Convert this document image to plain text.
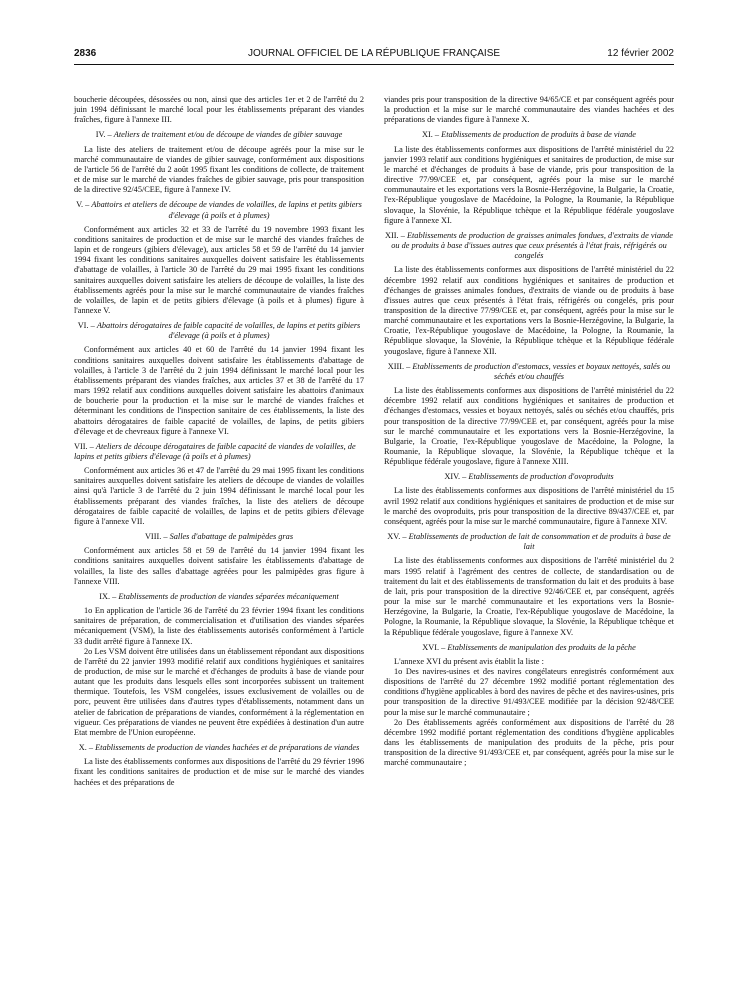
2836	JOURNAL OFFICIEL DE LA RÉPUBLIQUE FRANÇAISE	12 février 2002

boucherie découpées, désossées ou non, ainsi que des articles 1er et 2 de l'arrêté du 2 juin 1994 définissant le marché local pour les établissements préparant des viandes fraîches, figure à l'annexe III.

IV. – Ateliers de traitement et/ou de découpe de viandes de gibier sauvage

La liste des ateliers de traitement et/ou de découpe agréés pour la mise sur le marché communautaire de viandes de gibier sauvage, conformément aux dispositions de l'article 56 de l'arrêté du 2 août 1995 fixant les conditions de collecte, de traitement et de mise sur le marché de viandes fraîches de gibier sauvage, pris pour transposition de la directive 92/45/CEE, figure à l'annexe IV.

V. – Abattoirs et ateliers de découpe de viandes de volailles, de lapins et petits gibiers d'élevage (à poils et à plumes)

Conformément aux articles 32 et 33 de l'arrêté du 19 novembre 1993 fixant les conditions sanitaires de production et de mise sur le marché des viandes fraîches de lapin et de rongeurs (gibiers d'élevage), aux articles 58 et 59 de l'arrêté du 14 janvier 1994 fixant les conditions sanitaires auxquelles doivent satisfaire les établissements d'abattage de volailles, à l'article 30 de l'arrêté du 29 mai 1995 fixant les conditions sanitaires auxquelles doivent satisfaire les ateliers de découpe de volailles, la liste des établissements agréés pour la mise sur le marché communautaire de viandes fraîches de volailles, de lapin et de petits gibiers d'élevage (à poils et à plumes) figure à l'annexe V.

VI. – Abattoirs dérogataires de faible capacité de volailles, de lapins et petits gibiers d'élevage (à poils et à plumes)

Conformément aux articles 40 et 60 de l'arrêté du 14 janvier 1994 fixant les conditions sanitaires auxquelles doivent satisfaire les établissements d'abattage de volailles, à l'article 3 de l'arrêté du 2 juin 1994 définissant le marché local pour les établissements préparant des viandes fraîches, aux articles 37 et 38 de l'arrêté du 17 mars 1992 relatif aux conditions auxquelles doivent satisfaire les abattoirs d'animaux de boucherie pour la production et la mise sur le marché de viandes fraîches et déterminant les conditions de l'inspection sanitaire de ces établissements, la liste des abattoirs dérogataires de faible capacité de volailles, de lapins, de petits gibiers d'élevage et de chevreaux figure à l'annexe VI.

VII. – Ateliers de découpe dérogataires de faible capacité de viandes de volailles, de lapins et petits gibiers d'élevage (à poils et à plumes)

Conformément aux articles 36 et 47 de l'arrêté du 29 mai 1995 fixant les conditions sanitaires auxquelles doivent satisfaire les ateliers de découpe de viandes de volailles ainsi qu'à l'article 3 de l'arrêté du 2 juin 1994 définissant le marché local pour les établissements préparant des viandes fraîches, la liste des ateliers de découpe dérogataires de faible capacité de volailles, de lapins et de petits gibiers d'élevage figure à l'annexe VII.

VIII. – Salles d'abattage de palmipèdes gras

Conformément aux articles 58 et 59 de l'arrêté du 14 janvier 1994 fixant les conditions sanitaires auxquelles doivent satisfaire les établissements d'abattage de volailles, la liste des salles d'abattage agréées pour les palmipèdes gras figure à l'annexe VIII.

IX. – Etablissements de production de viandes séparées mécaniquement

1o En application de l'article 36 de l'arrêté du 23 février 1994 fixant les conditions sanitaires de préparation, de commercialisation et d'utilisation des viandes séparées mécaniquement (VSM), la liste des établissements autorisés conformément à l'article 33 dudit arrêté figure à l'annexe IX.

2o Les VSM doivent être utilisées dans un établissement répondant aux dispositions de l'arrêté du 22 janvier 1993 modifié relatif aux conditions hygiéniques et sanitaires de production, de mise sur le marché et d'échanges de produits à base de viande pour autant que les produits dans lesquels elles sont incorporées subissent un traitement thermique. Toutefois, les VSM congelées, issues exclusivement de volailles ou de porc, peuvent être utilisées dans d'autres types d'établissements, notamment dans un atelier de fabrication de préparations de viandes, conformément à la réglementation en vigueur. Ces préparations de viandes ne peuvent être expédiées à destination d'un autre Etat membre de l'Union européenne.

X. – Etablissements de production de viandes hachées et de préparations de viandes

La liste des établissements conformes aux dispositions de l'arrêté du 29 février 1996 fixant les conditions sanitaires de production et de mise sur le marché des viandes hachées et des préparations de

viandes pris pour transposition de la directive 94/65/CE et par conséquent agréés pour la production et la mise sur le marché communautaire des viandes hachées et des préparations de viandes figure à l'annexe X.

XI. – Etablissements de production de produits à base de viande

La liste des établissements conformes aux dispositions de l'arrêté ministériel du 22 janvier 1993 relatif aux conditions hygiéniques et sanitaires de production, de mise sur le marché et d'échanges de produits à base de viande, pris pour transposition de la directive 77/99/CEE et, par conséquent, agréés pour la mise sur le marché communautaire et les exportations vers la Bosnie-Herzégovine, la Bulgarie, la Croatie, l'ex-République yougoslave de Macédoine, la Pologne, la Roumanie, la République slovaque, la Slovénie, la République tchèque et la République fédérale yougoslave figure à l'annexe XI.

XII. – Etablissements de production de graisses animales fondues, d'extraits de viande ou de produits à base d'issues autres que ceux présentés à l'état frais, réfrigérés ou congelés

La liste des établissements conformes aux dispositions de l'arrêté ministériel du 22 décembre 1992 relatif aux conditions hygiéniques et sanitaires de production et d'échanges de graisses animales fondues, d'extraits de viande ou de produits à base d'issues autres que ceux présentés à l'état frais, réfrigérés ou congelés, pris pour transposition de la directive 77/99/CEE et, par conséquent, agréés pour la mise sur le marché communautaire et les exportations vers la Bosnie-Herzégovine, la Bulgarie, la Croatie, l'ex-République yougoslave de Macédoine, la Pologne, la Roumanie, la République slovaque, la Slovénie, la République tchèque et la République fédérale yougoslave, figure à l'annexe XII.

XIII. – Etablissements de production d'estomacs, vessies et boyaux nettoyés, salés ou séchés et/ou chauffés

La liste des établissements conformes aux dispositions de l'arrêté ministériel du 22 décembre 1992 relatif aux conditions hygiéniques et sanitaires de production et d'échanges d'estomacs, vessies et boyaux nettoyés, salés ou séchés et/ou chauffés, pris pour transposition de la directive 77/99/CEE et, par conséquent, agréés pour la mise sur le marché communautaire et les exportations vers la Bosnie-Herzégovine, la Bulgarie, la Croatie, l'ex-République yougoslave de Macédoine, la Pologne, la Roumanie, la République slovaque, la Slovénie, la République tchèque et la République fédérale yougoslave, figure à l'annexe XIII.

XIV. – Etablissements de production d'ovoproduits

La liste des établissements conformes aux dispositions de l'arrêté ministériel du 15 avril 1992 relatif aux conditions hygiéniques et sanitaires de production et de mise sur le marché des ovoproduits, pris pour transposition de la directive 89/437/CEE et, par conséquent, agréés pour la mise sur le marché communautaire, figure à l'annexe XIV.

XV. – Etablissements de production de lait de consommation et de produits à base de lait

La liste des établissements conformes aux dispositions de l'arrêté ministériel du 2 mars 1995 relatif à l'agrément des centres de collecte, de standardisation ou de traitement du lait et des établissements de transformation du lait et des produits à base de lait, pris pour transposition de la directive 92/46/CEE et, par conséquent, agréés pour la mise sur le marché communautaire et les exportations vers la Bosnie-Herzégovine, la Bulgarie, la Croatie, l'ex-République yougoslave de Macédoine, la Pologne, la Roumanie, la République slovaque, la Slovénie, la République tchèque et la République fédérale yougoslave, figure à l'annexe XV.

XVI. – Etablissements de manipulation des produits de la pêche

L'annexe XVI du présent avis établit la liste :

1o Des navires-usines et des navires congélateurs enregistrés conformément aux dispositions de l'arrêté du 27 décembre 1992 modifié portant réglementation des conditions d'hygiène applicables à bord des navires de pêche et des navires-usines, pris pour transposition de la directive 91/493/CEE modifiée par la décision 92/48/CEE pour la mise sur le marché communautaire ;

2o Des établissements agréés conformément aux dispositions de l'arrêté du 28 décembre 1992 modifié portant réglementation des conditions d'hygiène applicables dans les établissements de manipulation des produits de la pêche, pris pour transposition de la directive 91/493/CEE et, par conséquent, agréés pour la mise sur le marché communautaire ;
